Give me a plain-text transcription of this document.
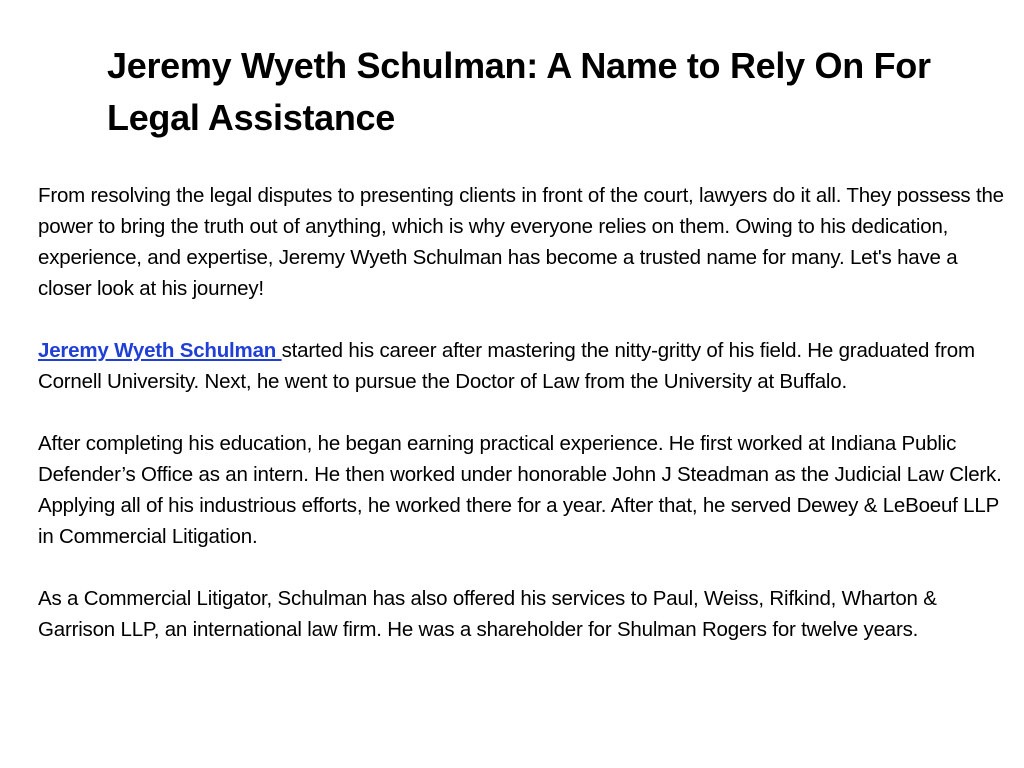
Jeremy Wyeth Schulman: A Name to Rely On For Legal Assistance

From resolving the legal disputes to presenting clients in front of the court, lawyers do it all. They possess the power to bring the truth out of anything, which is why everyone relies on them. Owing to his dedication, experience, and expertise, Jeremy Wyeth Schulman has become a trusted name for many. Let's have a closer look at his journey!

Jeremy Wyeth Schulman started his career after mastering the nitty-gritty of his field. He graduated from Cornell University. Next, he went to pursue the Doctor of Law from the University at Buffalo.

After completing his education, he began earning practical experience. He first worked at Indiana Public Defender’s Office as an intern. He then worked under honorable John J Steadman as the Judicial Law Clerk. Applying all of his industrious efforts, he worked there for a year. After that, he served Dewey & LeBoeuf LLP in Commercial Litigation.

As a Commercial Litigator, Schulman has also offered his services to Paul, Weiss, Rifkind, Wharton & Garrison LLP, an international law firm. He was a shareholder for Shulman Rogers for twelve years.
